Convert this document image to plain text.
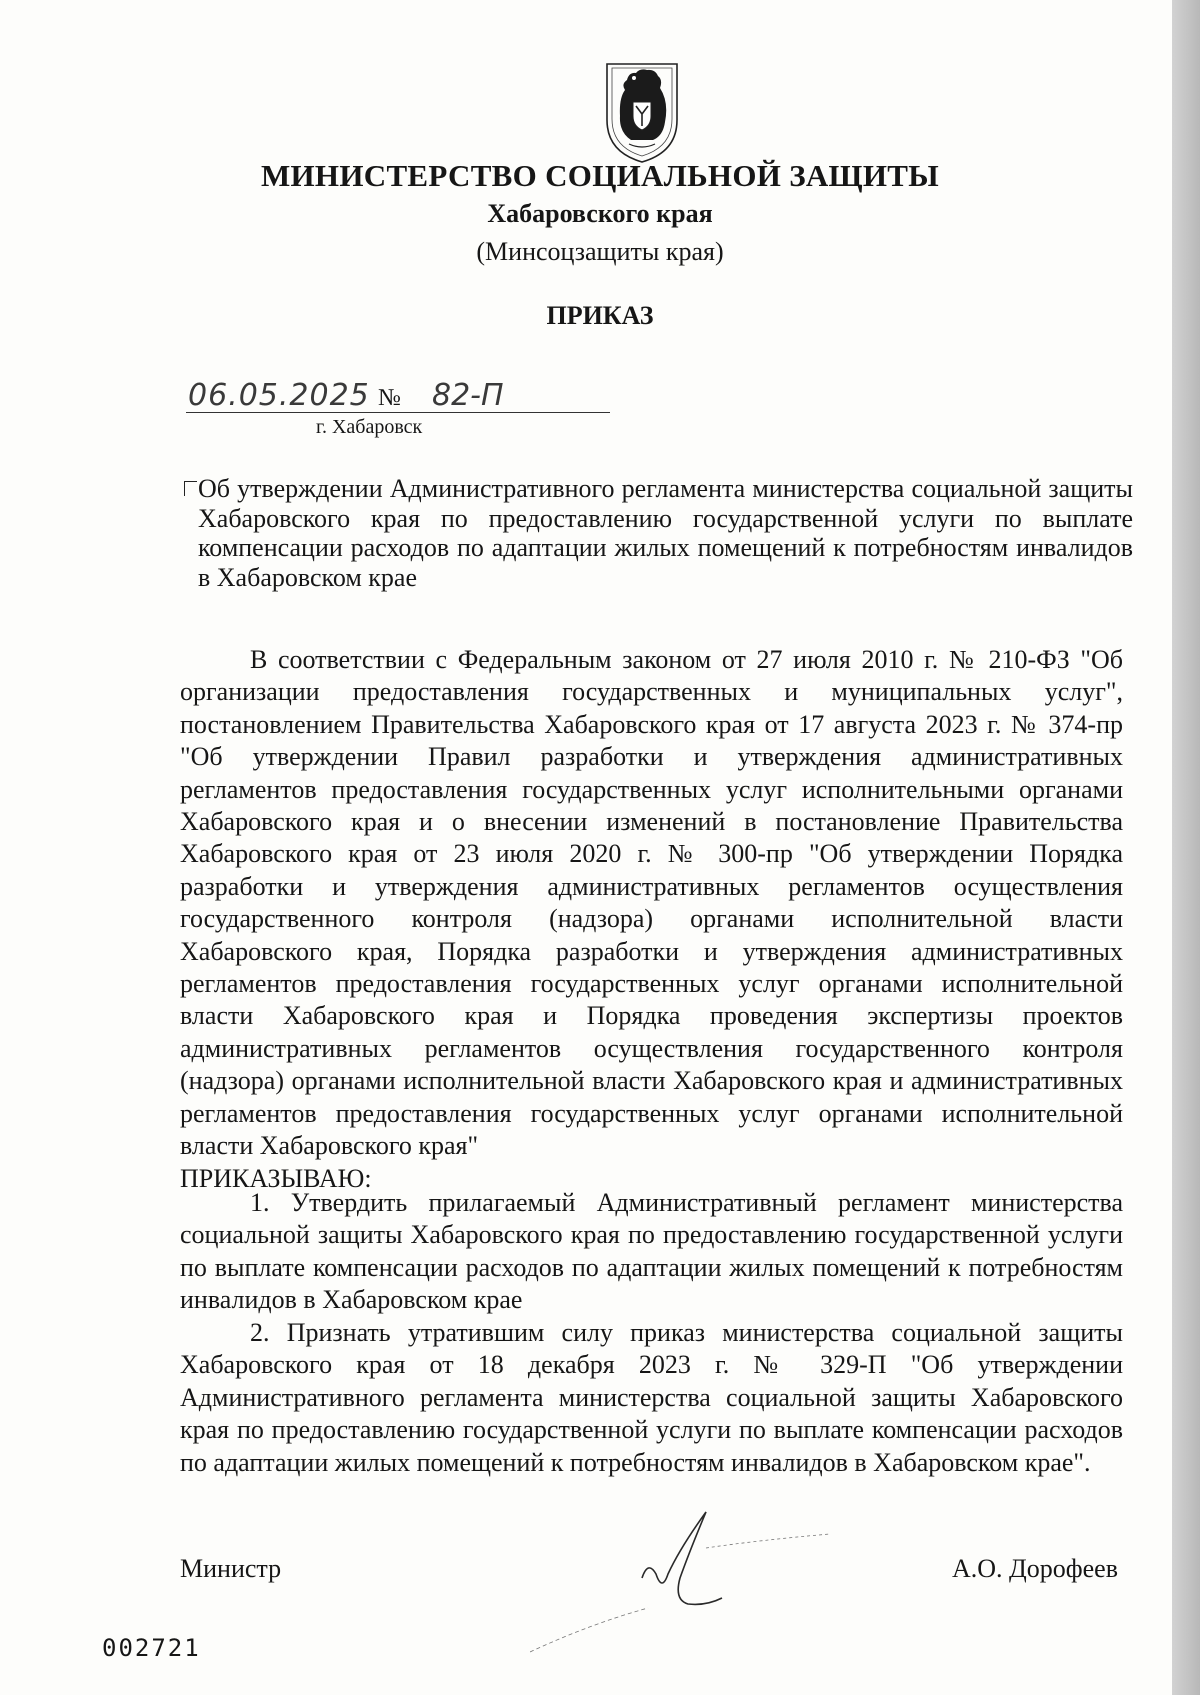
МИНИСТЕРСТВО СОЦИАЛЬНОЙ ЗАЩИТЫ

Хабаровского края

(Минсоцзащиты края)

ПРИКАЗ

06.05.2025 № 82-П

г. Хабаровск

Об утверждении Административного регламента министерства социальной защиты Хабаровского края по предоставлению государственной услуги по выплате компенсации расходов по адаптации жилых помещений к потребностям инвалидов в Хабаровском крае

В соответствии с Федеральным законом от 27 июля 2010 г. № 210-ФЗ "Об организации предоставления государственных и муниципальных услуг", постановлением Правительства Хабаровского края от 17 августа 2023 г. № 374-пр "Об утверждении Правил разработки и утверждения административных регламентов предоставления государственных услуг исполнительными органами Хабаровского края и о внесении изменений в постановление Правительства Хабаровского края от 23 июля 2020 г. № 300-пр "Об утверждении Порядка разработки и утверждения административных регламентов осуществления государственного контроля (надзора) органами исполнительной власти Хабаровского края, Порядка разработки и утверждения административных регламентов предоставления государственных услуг органами исполнительной власти Хабаровского края и Порядка проведения экспертизы проектов административных регламентов осуществления государственного контроля (надзора) органами исполнительной власти Хабаровского края и административных регламентов предоставления государственных услуг органами исполнительной власти Хабаровского края"

ПРИКАЗЫВАЮ:

1. Утвердить прилагаемый Административный регламент министерства социальной защиты Хабаровского края по предоставлению государственной услуги по выплате компенсации расходов по адаптации жилых помещений к потребностям инвалидов в Хабаровском крае

2. Признать утратившим силу приказ министерства социальной защиты Хабаровского края от 18 декабря 2023 г. № 329-П "Об утверждении Административного регламента министерства социальной защиты Хабаровского края по предоставлению государственной услуги по выплате компенсации расходов по адаптации жилых помещений к потребностям инвалидов в Хабаровском крае".

Министр	А.О. Дорофеев

002721
